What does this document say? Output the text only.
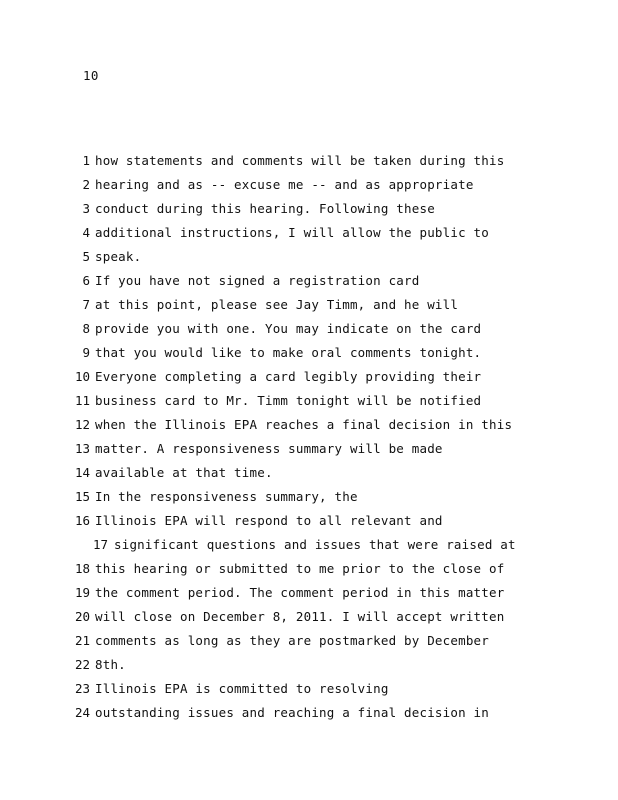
10
1 how statements and comments will be taken during this
2 hearing and as -- excuse me -- and as appropriate
3 conduct during this hearing. Following these
4 additional instructions, I will allow the public to
5 speak.
6 If you have not signed a registration card
7 at this point, please see Jay Timm, and he will
8 provide you with one. You may indicate on the card
9 that you would like to make oral comments tonight.
10 Everyone completing a card legibly providing their
11 business card to Mr. Timm tonight will be notified
12 when the Illinois EPA reaches a final decision in this
13 matter. A responsiveness summary will be made
14 available at that time.
15 In the responsiveness summary, the
16 Illinois EPA will respond to all relevant and
17 significant questions and issues that were raised at
18 this hearing or submitted to me prior to the close of
19 the comment period. The comment period in this matter
20 will close on December 8, 2011. I will accept written
21 comments as long as they are postmarked by December
22 8th.
23 Illinois EPA is committed to resolving
24 outstanding issues and reaching a final decision in
